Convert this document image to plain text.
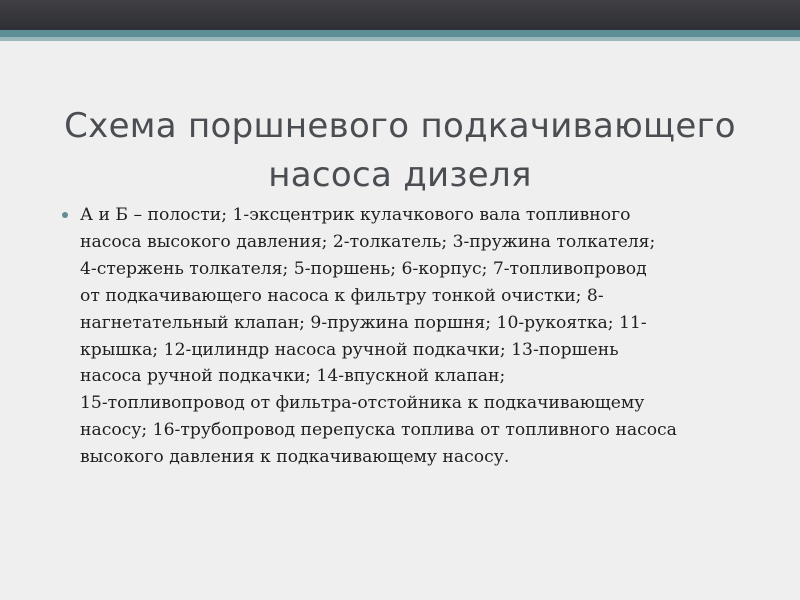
Схема поршневого подкачивающего
насоса дизеля
А и Б – полости; 1-эксцентрик кулачкового вала топливного
насоса высокого давления; 2-толкатель; 3-пружина толкателя;
4-стержень толкателя; 5-поршень; 6-корпус; 7-топливопровод
от подкачивающего насоса к фильтру тонкой очистки; 8-
нагнетательный клапан; 9-пружина поршня; 10-рукоятка; 11-
крышка; 12-цилиндр насоса ручной подкачки; 13-поршень
насоса ручной подкачки; 14-впускной клапан;
15-топливопровод от фильтра-отстойника к подкачивающему
насосу; 16-трубопровод перепуска топлива от топливного насоса
высокого давления к подкачивающему насосу.
